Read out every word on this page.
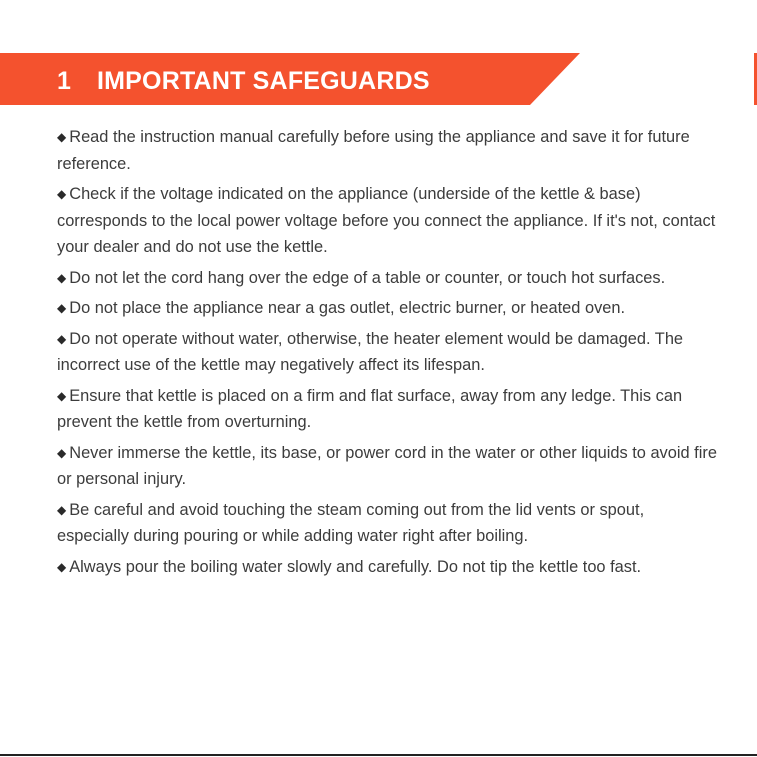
1 IMPORTANT SAFEGUARDS
◆ Read the instruction manual carefully before using the appliance and save it for future reference.
◆ Check if the voltage indicated on the appliance (underside of the kettle & base) corresponds to the local power voltage before you connect the appliance. If it's not, contact your dealer and do not use the kettle.
◆ Do not let the cord hang over the edge of a table or counter, or touch hot surfaces.
◆ Do not place the appliance near a gas outlet, electric burner, or heated oven.
◆ Do not operate without water, otherwise, the heater element would be damaged. The incorrect use of the kettle may negatively affect its lifespan.
◆ Ensure that kettle is placed on a firm and flat surface, away from any ledge. This can prevent the kettle from overturning.
◆ Never immerse the kettle, its base, or power cord in the water or other liquids to avoid fire or personal injury.
◆ Be careful and avoid touching the steam coming out from the lid vents or spout, especially during pouring or while adding water right after boiling.
◆ Always pour the boiling water slowly and carefully. Do not tip the kettle too fast.
